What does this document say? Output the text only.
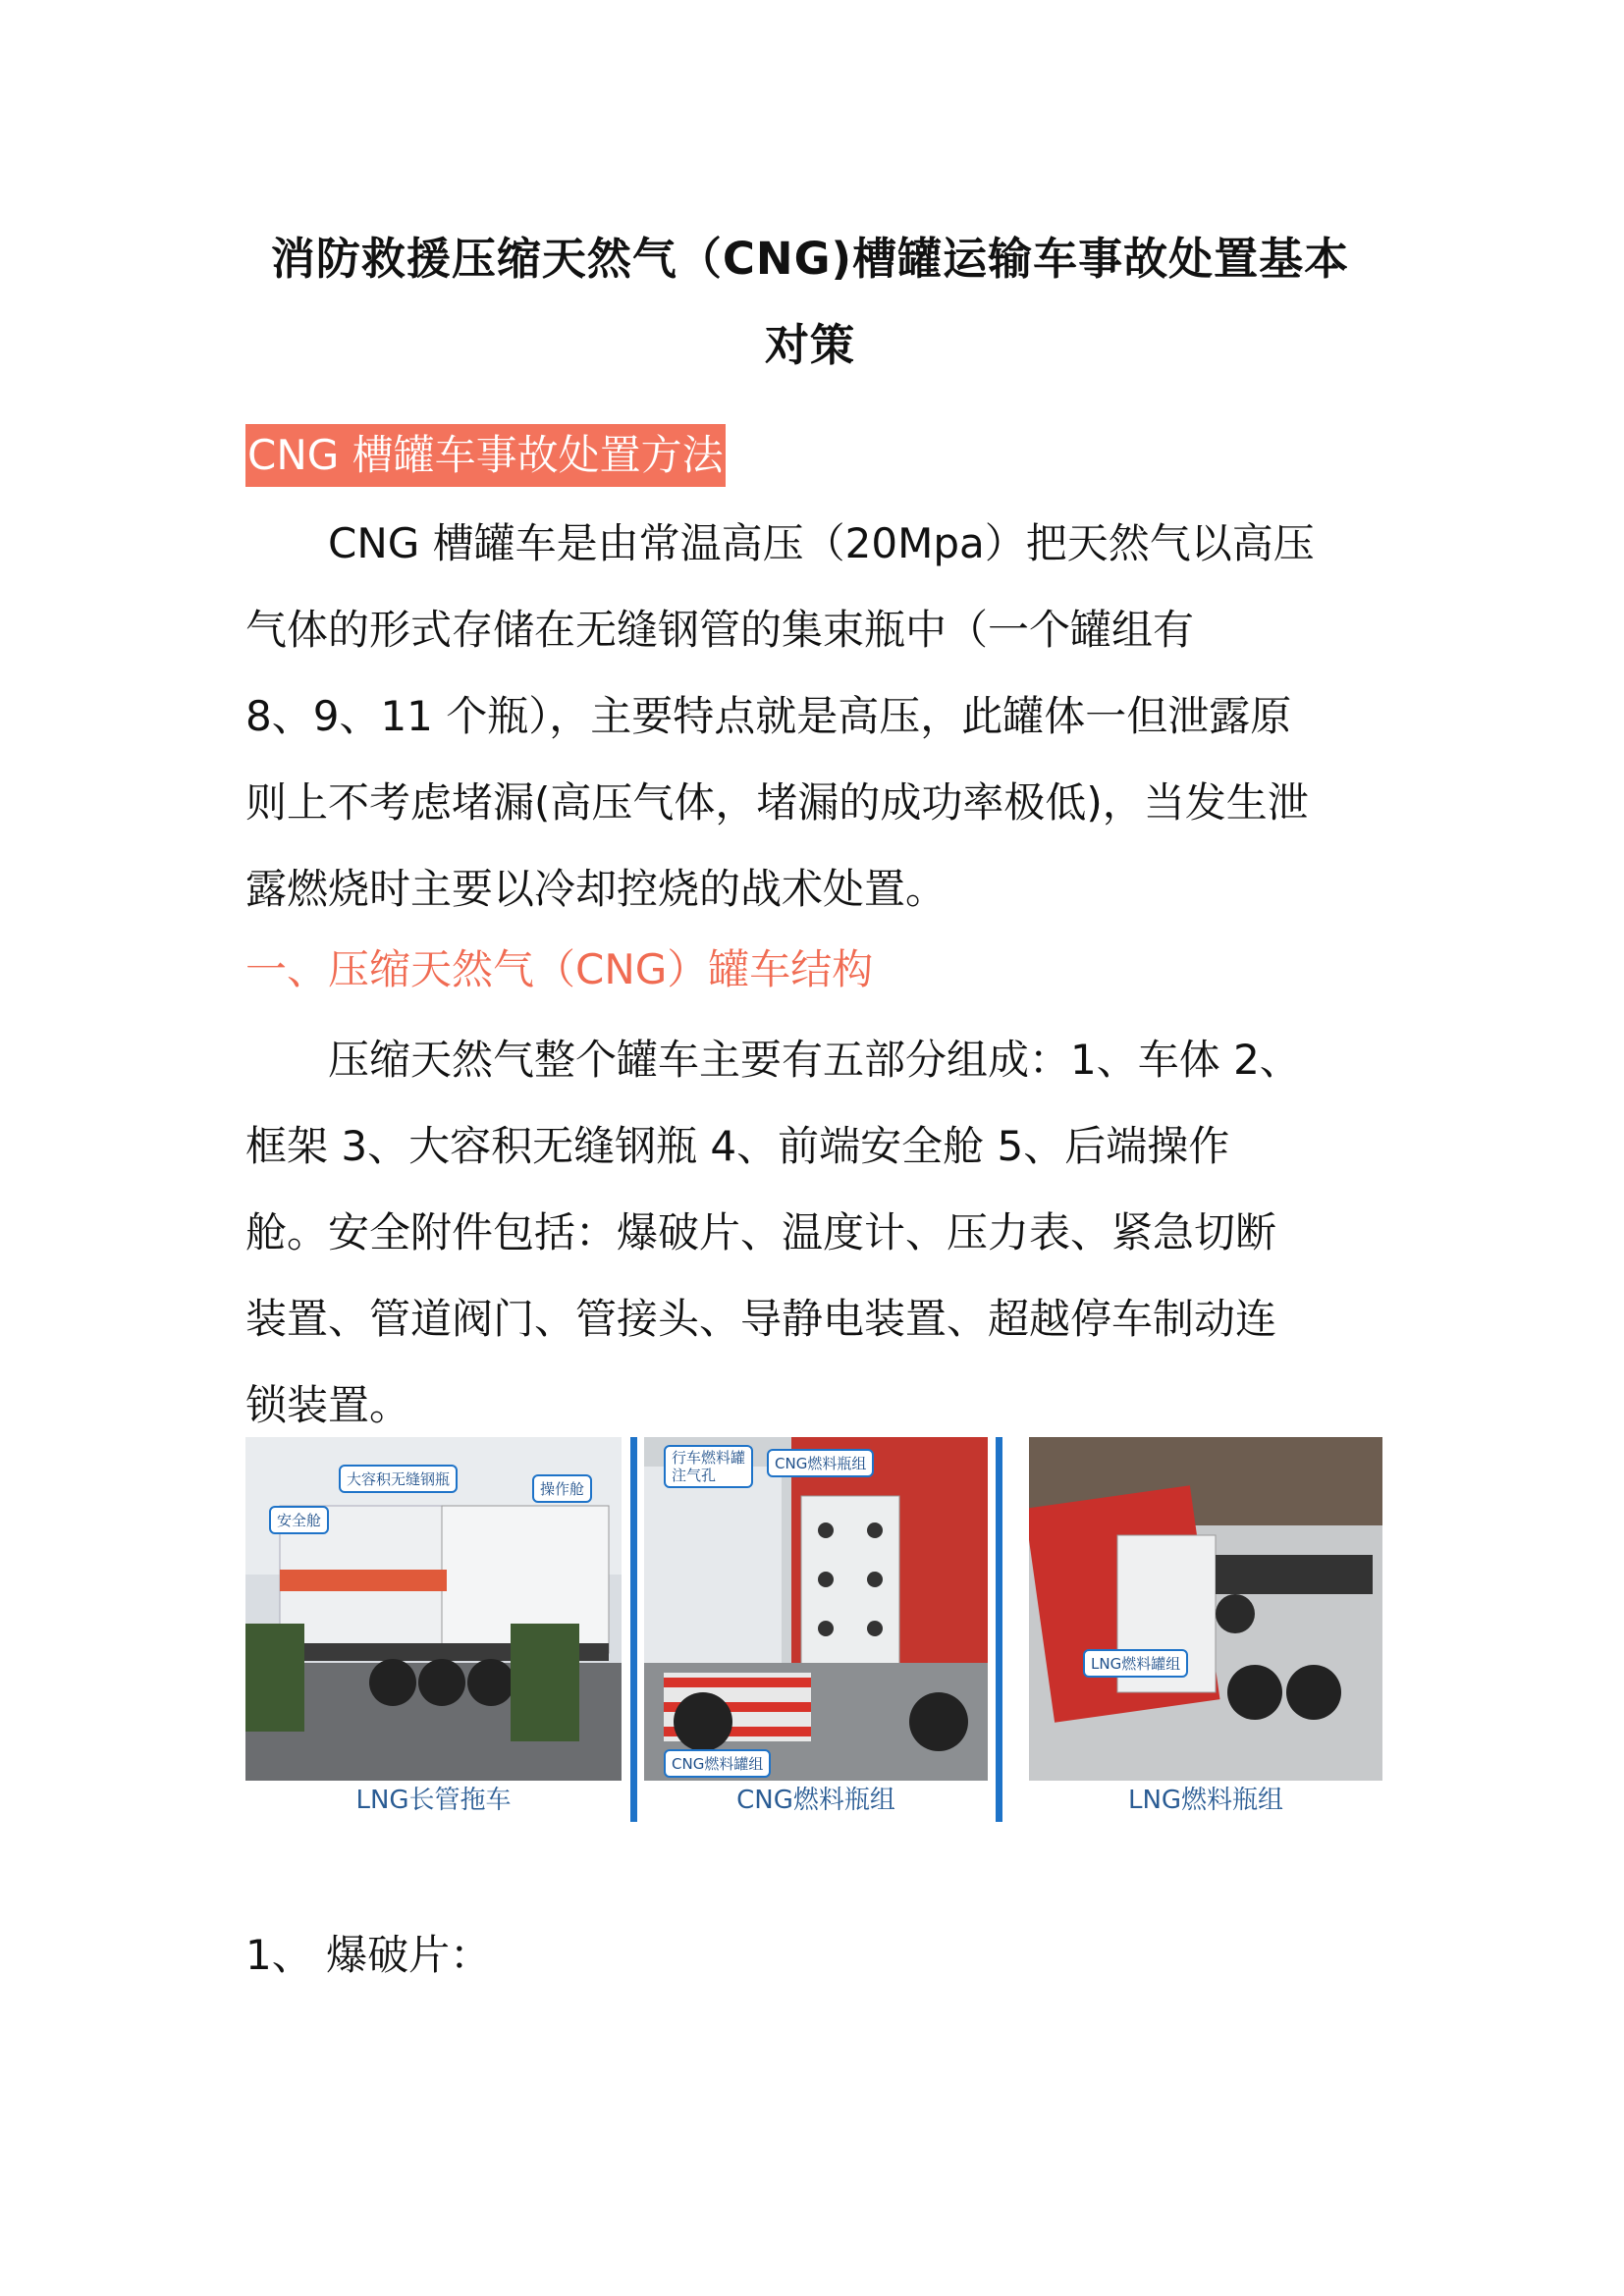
消防救援压缩天然气（CNG)槽罐运输车事故处置基本
对策
CNG 槽罐车事故处置方法

　　CNG 槽罐车是由常温高压（20Mpa）把天然气以高压

气体的形式存储在无缝钢管的集束瓶中（一个罐组有

8、9、11 个瓶），主要特点就是高压，此罐体一但泄露原

则上不考虑堵漏(高压气体，堵漏的成功率极低)，当发生泄

露燃烧时主要以冷却控烧的战术处置。

一、压缩天然气（CNG）罐车结构

　　压缩天然气整个罐车主要有五部分组成：1、车体 2、

框架 3、大容积无缝钢瓶 4、前端安全舱 5、后端操作

舱。安全附件包括：爆破片、温度计、压力表、紧急切断

装置、管道阀门、管接头、导静电装置、超越停车制动连

锁装置。

安全舱
大容积无缝钢瓶
操作舱
LNG长管拖车
行车燃料罐
注气孔
CNG燃料瓶组
CNG燃料罐组
CNG燃料瓶组
LNG燃料罐组
LNG燃料瓶组
1、 爆破片：
